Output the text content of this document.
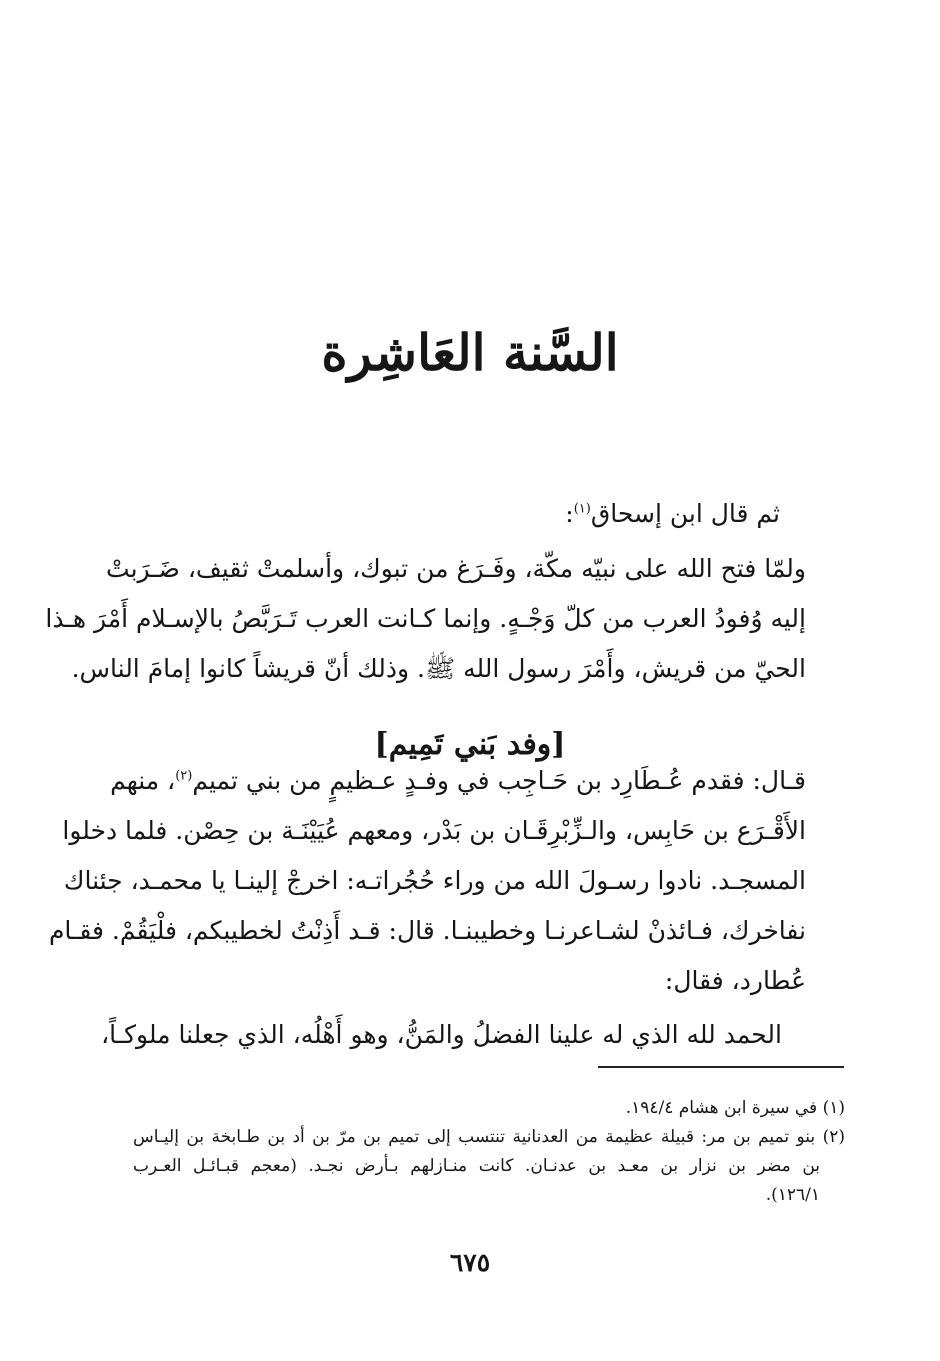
السَّنة العَاشِرة
ثم قال ابن إسحاق$^{(١)}$:
ولمّا فتح الله على نبيّه مكّة، وفَـرَغ من تبوك، وأسلمتْ ثقيف، ضَـرَبتْ
إليه وُفودُ العرب من كلّ وَجْـهٍ. وإنما كـانت العرب تَـرَبَّصُ بالإسـلام أَمْرَ هـذا
الحيّ من قريش، وأَمْرَ رسول الله ﷺ. وذلك أنّ قريشاً كانوا إمامَ الناس.
[وفد بَني تَمِيم]
قـال: فقدم عُـطَارِد بن حَـاجِب في وفـدٍ عـظيمٍ من بني تميم$^{(٢)}$، منهم
الأَقْـرَع بن حَابِس، والـزِّبْرِقَـان بن بَدْر، ومعهم عُيَيْنَـة بن حِصْن. فلما دخلوا
المسجـد. نادوا رسـولَ الله من وراء حُجُراتـه: اخرجْ إلينـا يا محمـد، جئناك
نفاخرك، فـائذنْ لشـاعرنـا وخطيبنـا. قال: قـد أَذِنْتُ لخطيبكم، فلْيَقُمْ. فقـام
عُطارد، فقال:
الحمد لله الذي له علينا الفضلُ والمَنُّ، وهو أَهْلُه، الذي جعلنا ملوكـاً،
(١) في سيرة ابن هشام ١٩٤/٤.
(٢) بنو تميم بن مر: قبيلة عظيمة من العدنانية تنتسب إلى تميم بن مرّ بن أد بن طـابخة بن إليـاس
بن مضر بن نزار بن معـد بن عدنـان. كانت منـازلهم بـأرض نجـد. (معجم قبـائـل العـرب
١٢٦/١).
٦٧٥
